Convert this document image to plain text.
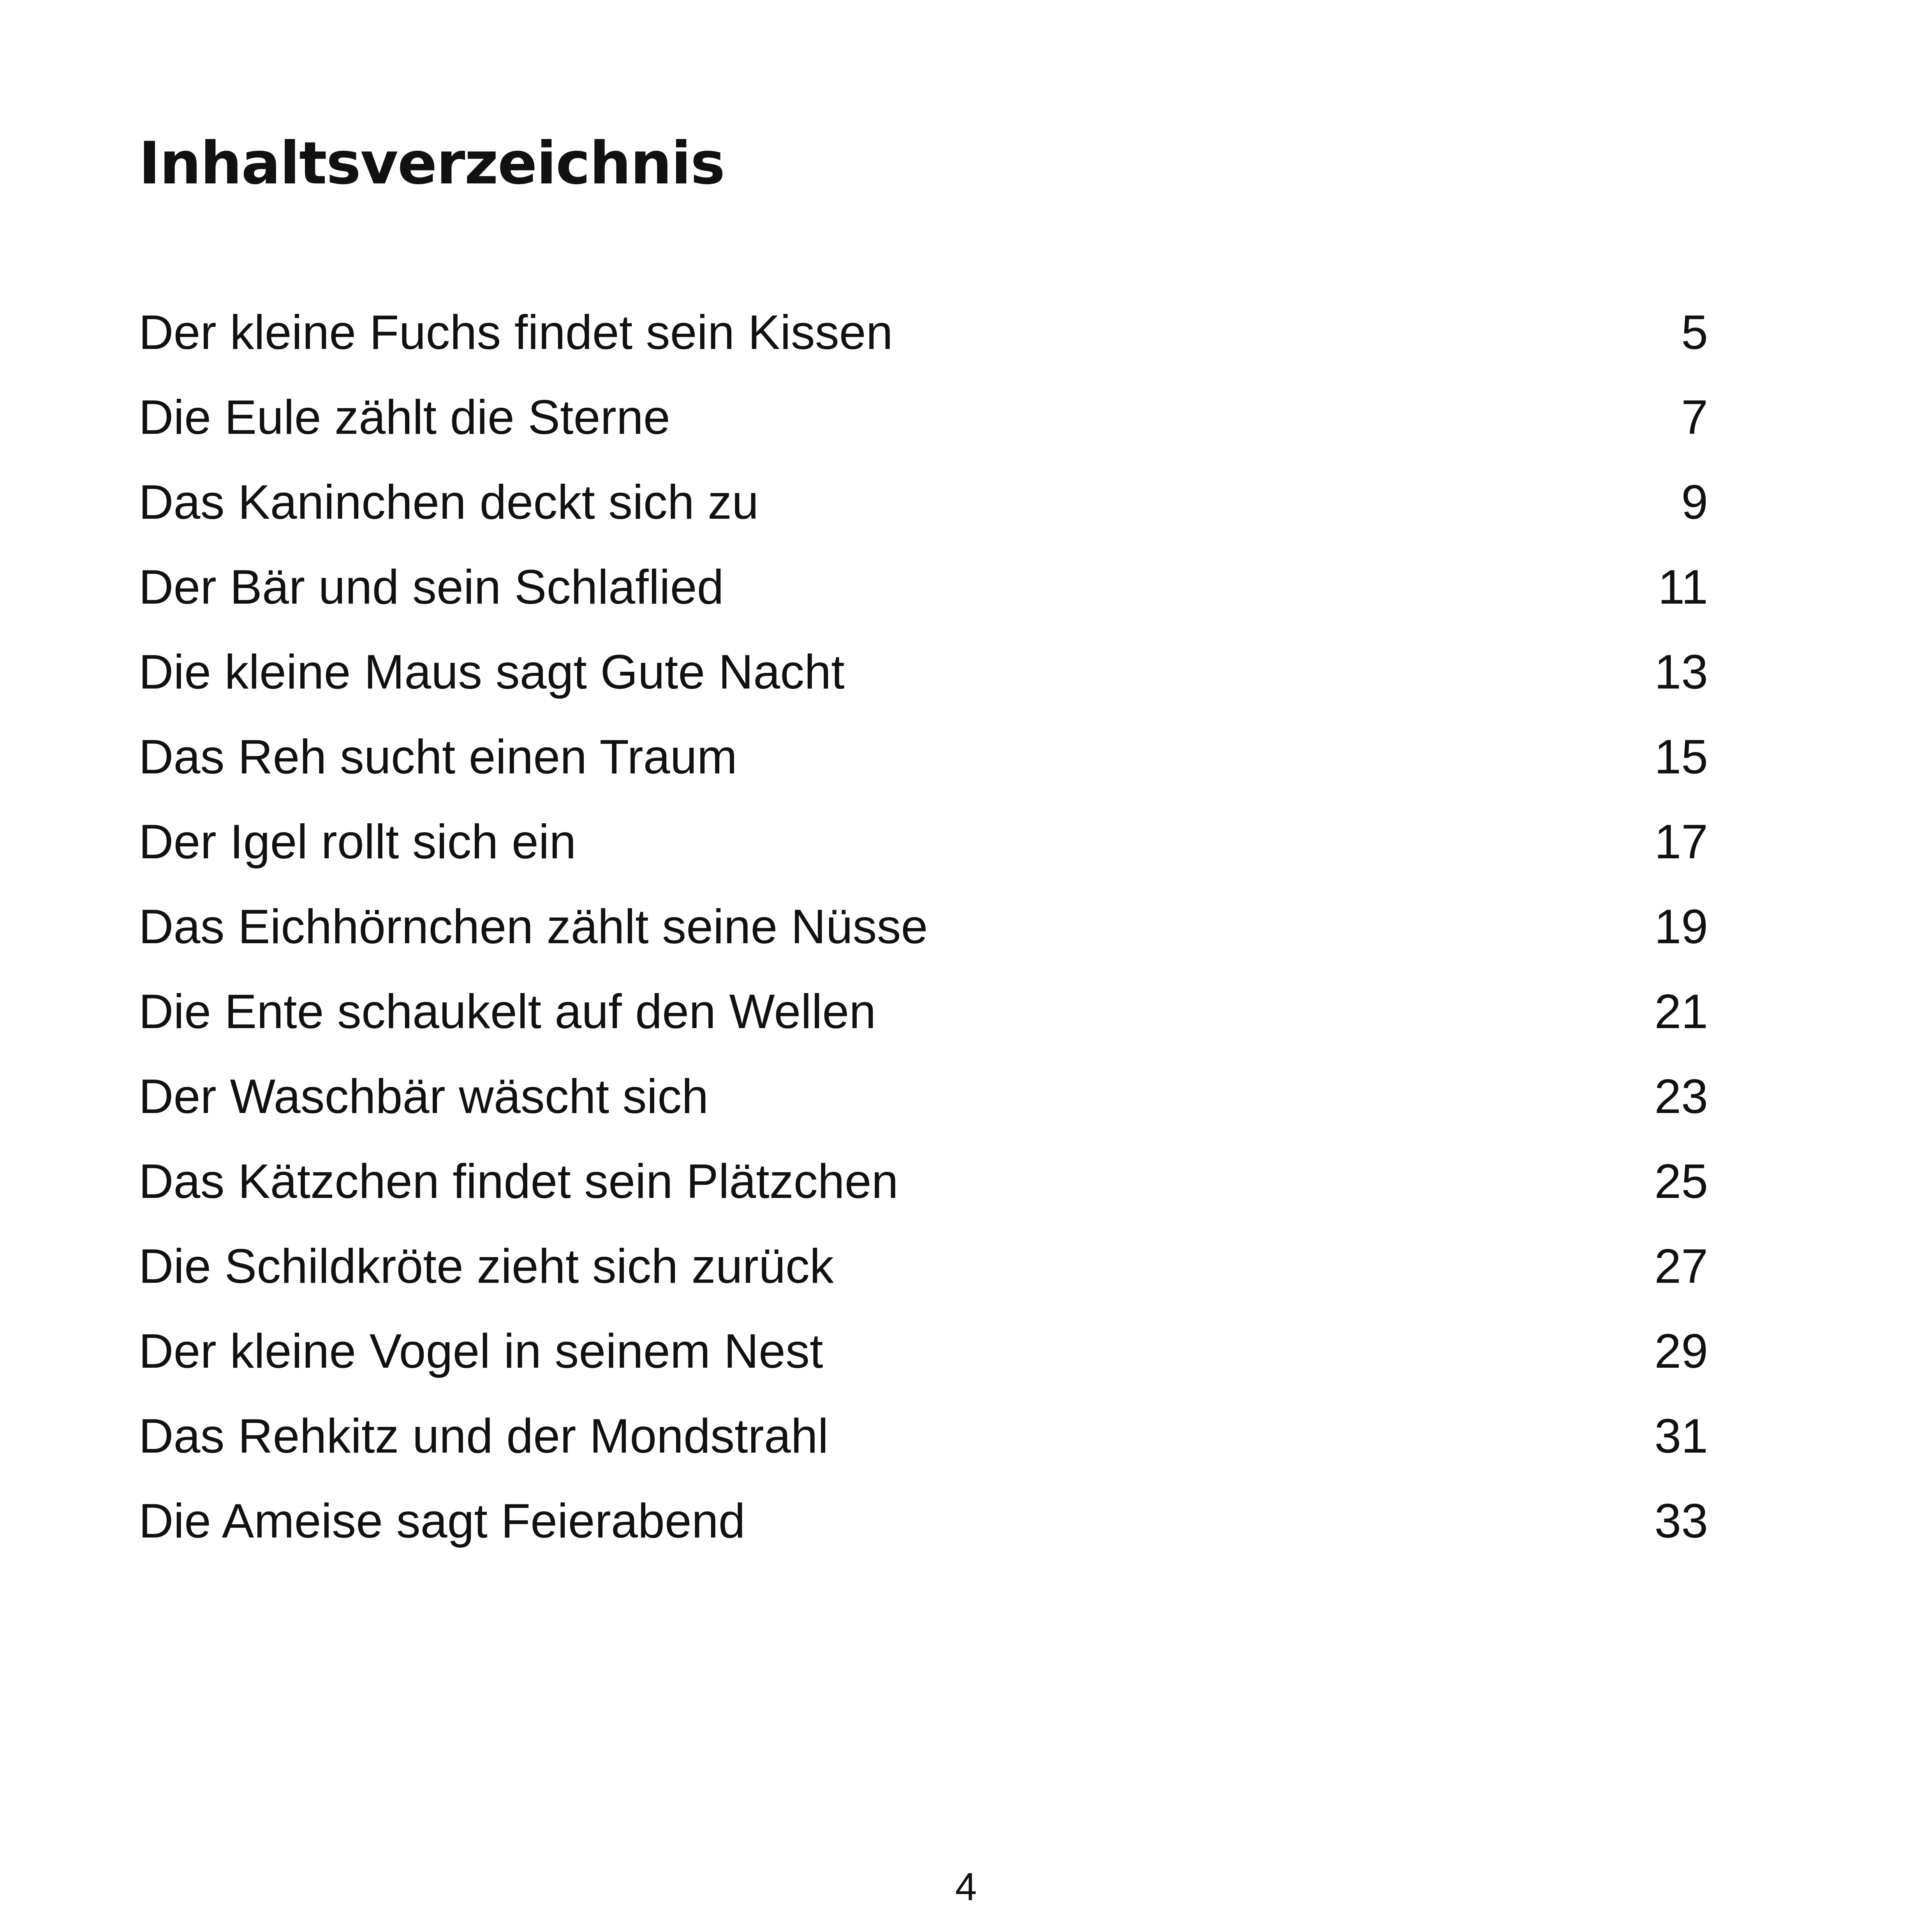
Inhaltsverzeichnis
Der kleine Fuchs findet sein Kissen	5
Die Eule zählt die Sterne	7
Das Kaninchen deckt sich zu	9
Der Bär und sein Schlaflied	11
Die kleine Maus sagt Gute Nacht	13
Das Reh sucht einen Traum	15
Der Igel rollt sich ein	17
Das Eichhörnchen zählt seine Nüsse	19
Die Ente schaukelt auf den Wellen	21
Der Waschbär wäscht sich	23
Das Kätzchen findet sein Plätzchen	25
Die Schildkröte zieht sich zurück	27
Der kleine Vogel in seinem Nest	29
Das Rehkitz und der Mondstrahl	31
Die Ameise sagt Feierabend	33
4
